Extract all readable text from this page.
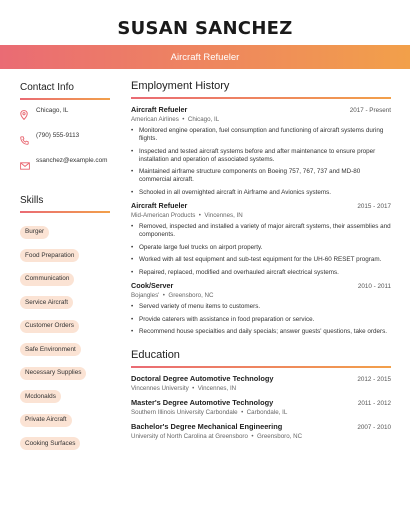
SUSAN SANCHEZ
Aircraft Refueler
Contact Info
Chicago, IL
(790) 555-9113
ssanchez@example.com
Skills
Burger
Food Preparation
Communication
Service Aircraft
Customer Orders
Safe Environment
Necessary Supplies
Mcdonalds
Private Aircraft
Cooking Surfaces
Employment History
Aircraft Refueler	2017 - Present
American Airlines  •  Chicago, IL
• Monitored engine operation, fuel consumption and functioning of aircraft systems during flights.
• Inspected and tested aircraft systems before and after maintenance to ensure proper installation and operation of associated systems.
• Maintained airframe structure components on Boeing 757, 767, 737 and MD-80 commercial aircraft.
• Schooled in all overnighted aircraft in Airframe and Avionics systems.
Aircraft Refueler	2015 - 2017
Mid-American Products  •  Vincennes, IN
• Removed, inspected and installed a variety of major aircraft systems, their assemblies and components.
• Operate large fuel trucks on airport property.
• Worked with all test equipment and sub-test equipment for the UH-60 RESET program.
• Repaired, replaced, modified and overhauled aircraft electrical systems.
Cook/Server	2010 - 2011
Bojangles'  •  Greensboro, NC
• Served variety of menu items to customers.
• Provide caterers with assistance in food preparation or service.
• Recommend house specialties and daily specials; answer guests' questions, take orders.
Education
Doctoral Degree Automotive Technology	2012 - 2015
Vincennes University  •  Vincennes, IN
Master's Degree Automotive Technology	2011 - 2012
Southern Illinois University Carbondale  •  Carbondale, IL
Bachelor's Degree Mechanical Engineering	2007 - 2010
University of North Carolina at Greensboro  •  Greensboro, NC
